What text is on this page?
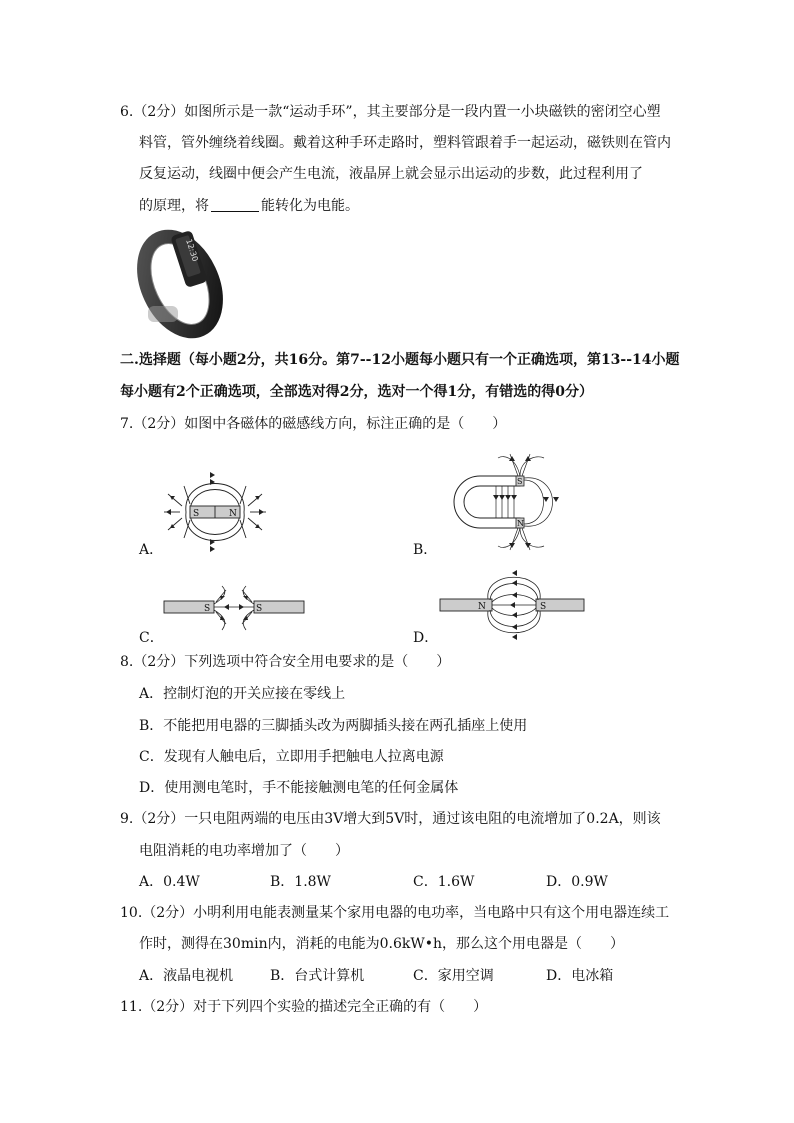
6.（2分）如图所示是一款“运动手环”，其主要部分是一段内置一小块磁铁的密闭空心塑
料管，管外缠绕着线圈。戴着这种手环走路时，塑料管跟着手一起运动，磁铁则在管内
反复运动，线圈中便会产生电流，液晶屏上就会显示出运动的步数，此过程利用了
的原理，将	能转化为电能。
12:30
二.选择题（每小题2分，共16分。第7--12小题每小题只有一个正确选项，第13--14小题
每小题有2个正确选项，全部选对得2分，选对一个得1分，有错选的得0分）
7.（2分）如图中各磁体的磁感线方向，标注正确的是（　　）
S	N
A．
S
N
B．
S	S
C．
N	S
D．
8.（2分）下列选项中符合安全用电要求的是（　　）
A．控制灯泡的开关应接在零线上
B．不能把用电器的三脚插头改为两脚插头接在两孔插座上使用
C．发现有人触电后，立即用手把触电人拉离电源
D．使用测电笔时，手不能接触测电笔的任何金属体
9.（2分）一只电阻两端的电压由3V增大到5V时，通过该电阻的电流增加了0.2A，则该
电阻消耗的电功率增加了（　　）
A．0.4W	B．1.8W	C．1.6W	D．0.9W
10.（2分）小明利用电能表测量某个家用电器的电功率，当电路中只有这个用电器连续工
作时，测得在30min内，消耗的电能为0.6kW•h，那么这个用电器是（　　）
A．液晶电视机	B．台式计算机	C．家用空调	D．电冰箱
11.（2分）对于下列四个实验的描述完全正确的有（　　）
